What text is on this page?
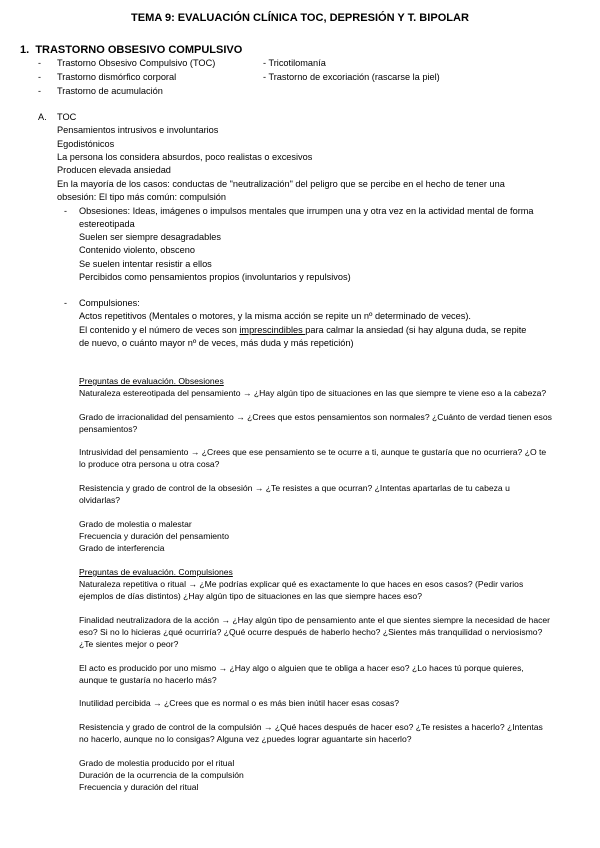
TEMA 9: EVALUACIÓN CLÍNICA TOC, DEPRESIÓN Y T. BIPOLAR
1. TRASTORNO OBSESIVO COMPULSIVO
- Trastorno Obsesivo Compulsivo (TOC)	- Tricotilomanía
- Trastorno dismórfico corporal	- Trastorno de excoriación (rascarse la piel)
- Trastorno de acumulación
A. TOC
Pensamientos intrusivos e involuntarios
Egodistónicos
La persona los considera absurdos, poco realistas o excesivos
Producen elevada ansiedad
En la mayoría de los casos: conductas de "neutralización" del peligro que se percibe en el hecho de tener una
obsesión: El tipo más común: compulsión
- Obsesiones: Ideas, imágenes o impulsos mentales que irrumpen una y otra vez en la actividad mental de forma
estereotipada
Suelen ser siempre desagradables
Contenido violento, obsceno
Se suelen intentar resistir a ellos
Percibidos como pensamientos propios (involuntarios y repulsivos)
- Compulsiones:
Actos repetitivos (Mentales o motores, y la misma acción se repite un nº determinado de veces).
El contenido y el número de veces son imprescindibles para calmar la ansiedad (si hay alguna duda, se repite
de nuevo, o cuánto mayor nº de veces, más duda y más repetición)
Preguntas de evaluación. Obsesiones
Naturaleza estereotipada del pensamiento → ¿Hay algún tipo de situaciones en las que siempre te viene eso a la cabeza?
Grado de irracionalidad del pensamiento → ¿Crees que estos pensamientos son normales? ¿Cuánto de verdad tienen esos
pensamientos?
Intrusividad del pensamiento → ¿Crees que ese pensamiento se te ocurre a ti, aunque te gustaría que no ocurriera? ¿O te
lo produce otra persona u otra cosa?
Resistencia y grado de control de la obsesión → ¿Te resistes a que ocurran? ¿Intentas apartarlas de tu cabeza u
olvidarlas?
Grado de molestia o malestar
Frecuencia y duración del pensamiento
Grado de interferencia
Preguntas de evaluación. Compulsiones
Naturaleza repetitiva o ritual → ¿Me podrías explicar qué es exactamente lo que haces en esos casos? (Pedir varios
ejemplos de días distintos) ¿Hay algún tipo de situaciones en las que siempre haces eso?
Finalidad neutralizadora de la acción → ¿Hay algún tipo de pensamiento ante el que sientes siempre la necesidad de hacer
eso? Si no lo hicieras ¿qué ocurriría? ¿Qué ocurre después de haberlo hecho? ¿Sientes más tranquilidad o nerviosismo?
¿Te sientes mejor o peor?
El acto es producido por uno mismo → ¿Hay algo o alguien que te obliga a hacer eso? ¿Lo haces tú porque quieres,
aunque te gustaría no hacerlo más?
Inutilidad percibida → ¿Crees que es normal o es más bien inútil hacer esas cosas?
Resistencia y grado de control de la compulsión → ¿Qué haces después de hacer eso? ¿Te resistes a hacerlo? ¿Intentas
no hacerlo, aunque no lo consigas? Alguna vez ¿puedes lograr aguantarte sin hacerlo?
Grado de molestia producido por el ritual
Duración de la ocurrencia de la compulsión
Frecuencia y duración del ritual
